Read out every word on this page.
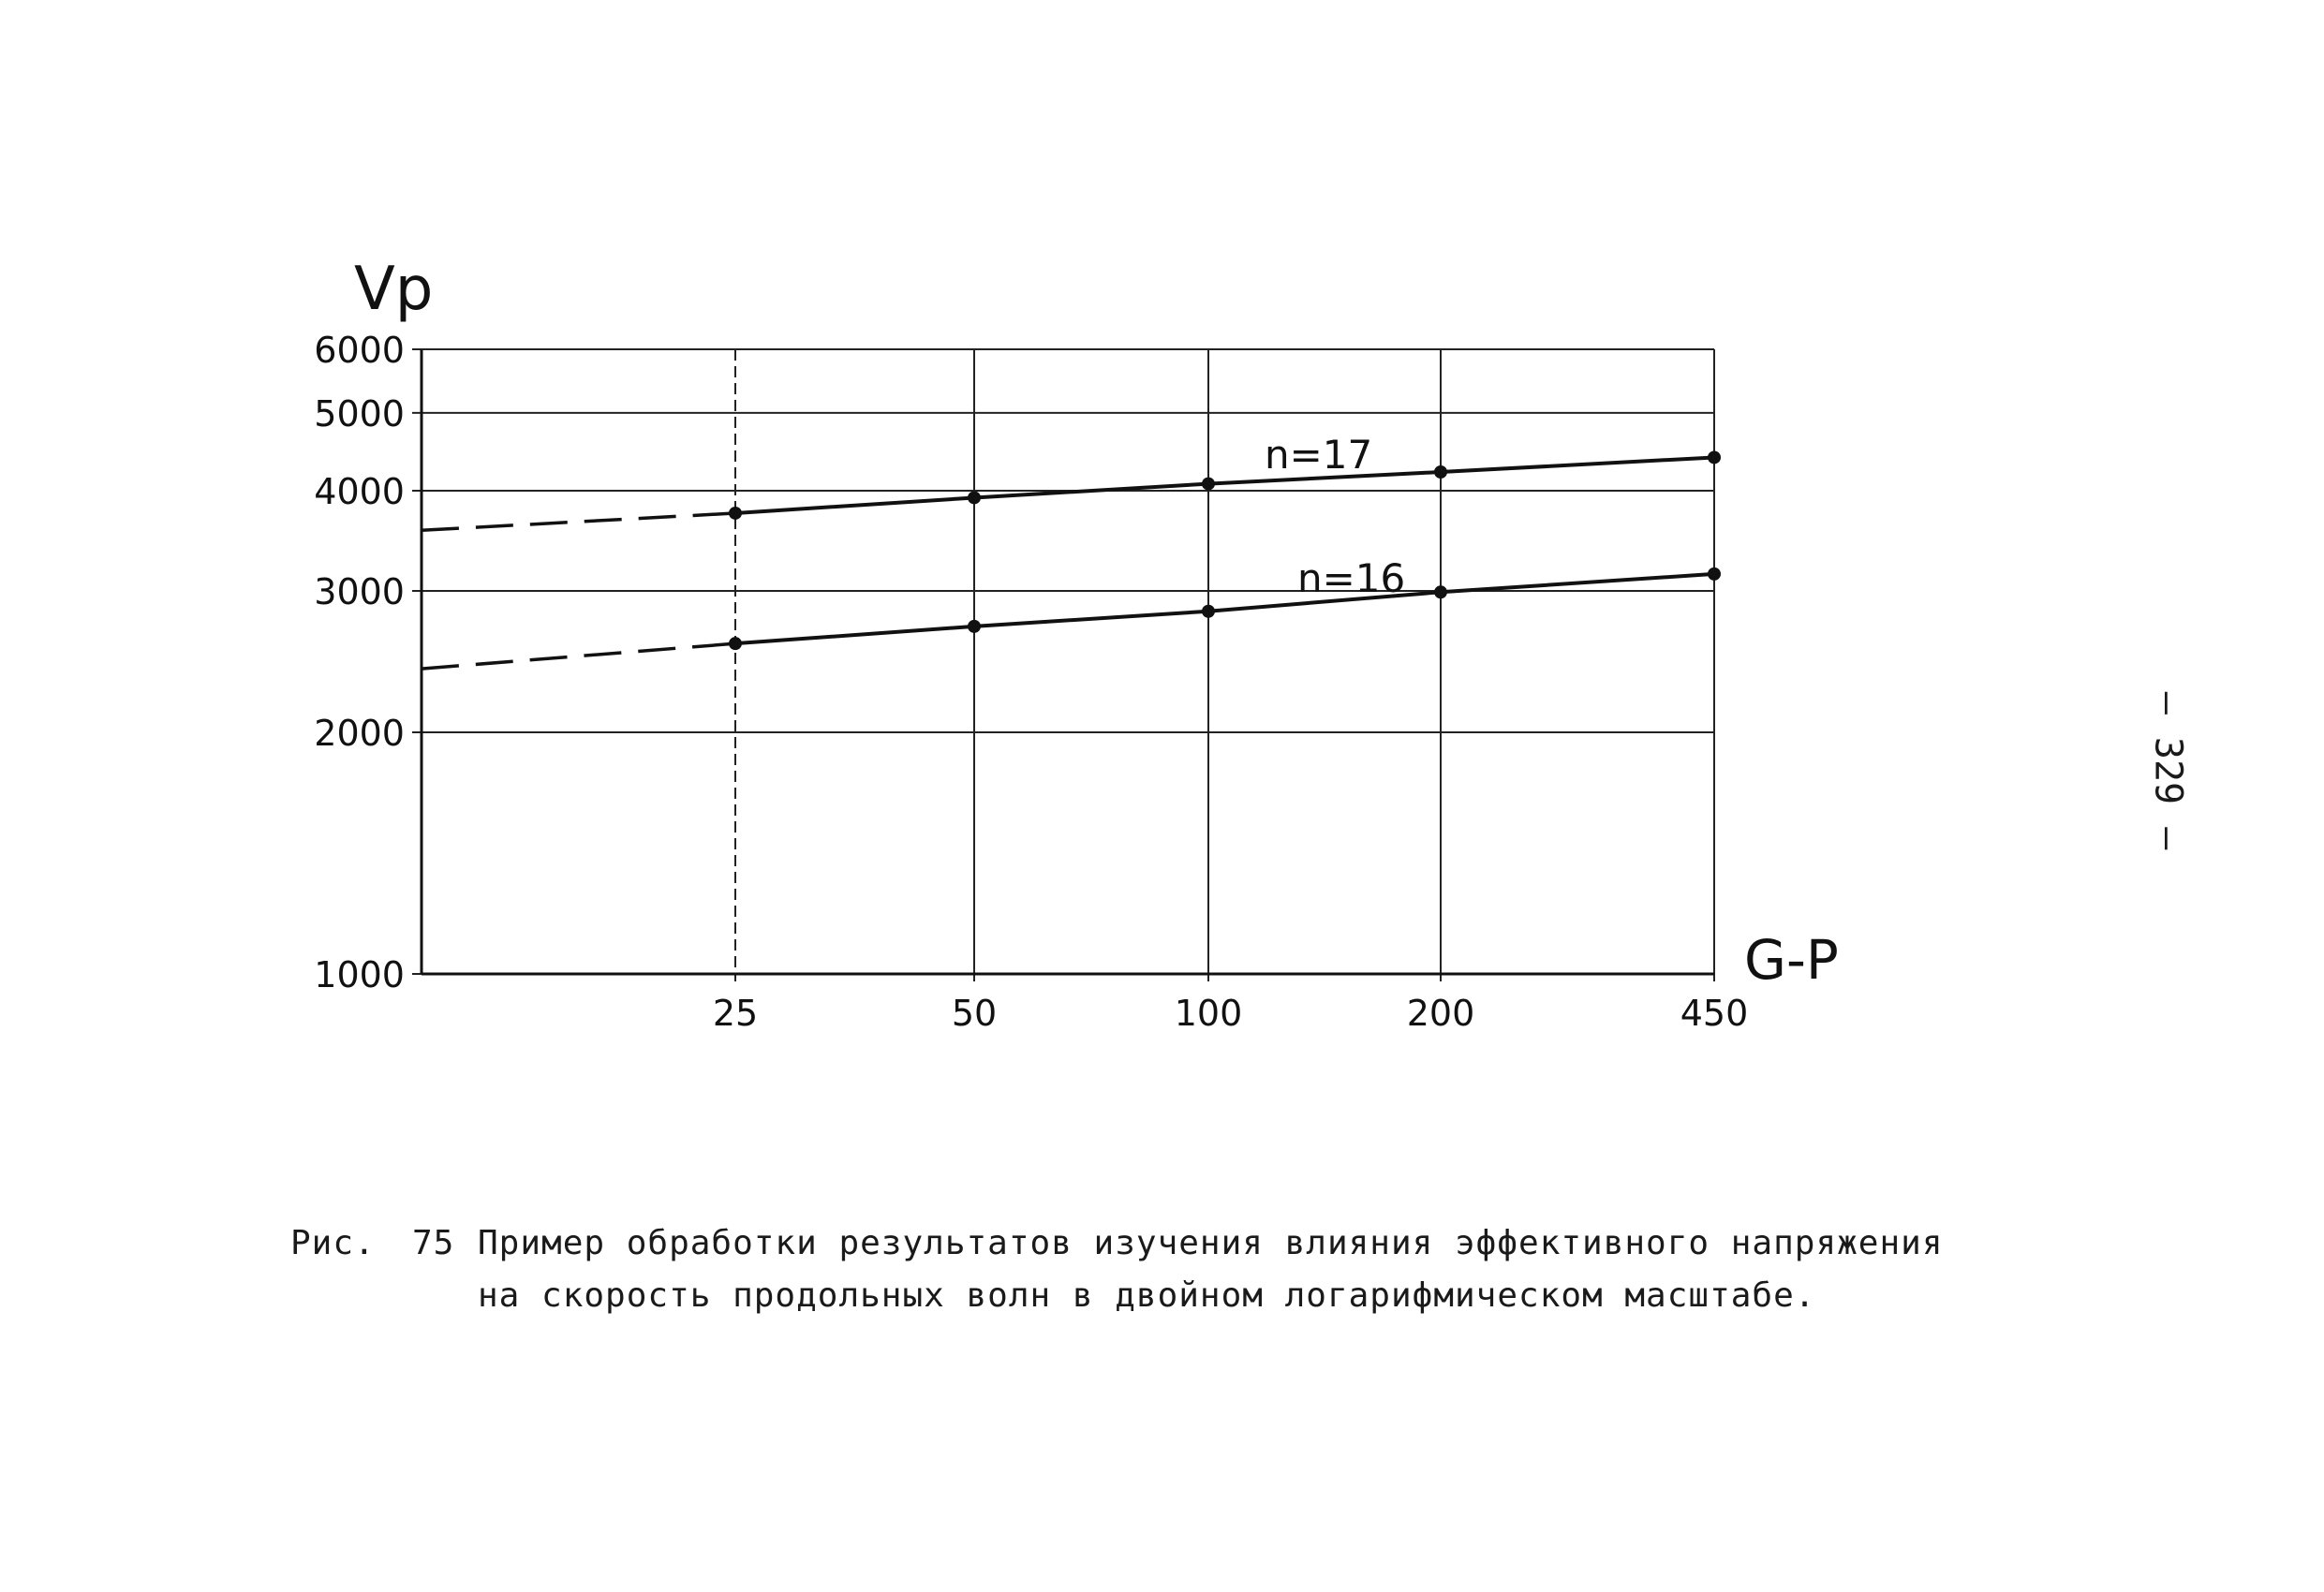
1000
2000
3000
4000
5000
6000
25	50	100	200	450
Vp
G-P
n=17
n=16
Рис. 75 Пример обработки результатов изучения влияния эффективного напряжения
на скорость продольных волн в двойном логарифмическом масштабе.
– 329 –
